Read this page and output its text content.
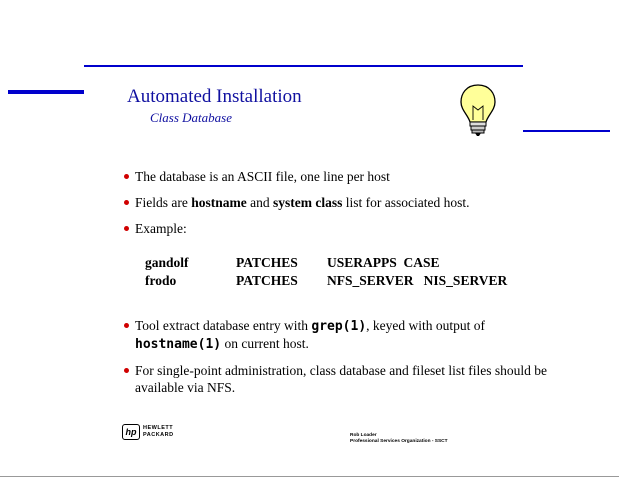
Automated Installation
Class Database
The database is an ASCII file, one line per host
Fields are hostname and system class list for associated host.
Example:
gandolf	PATCHES	USERAPPS  CASE
frodo	PATCHES	NFS_SERVER   NIS_SERVER
Tool extract database entry with grep(1), keyed with output of
hostname(1) on current host.
For single-point administration, class database and fileset list files should be available via NFS.
hp	HEWLETT
PACKARD	Rob Loader
Professional Services Organization - SSCT
